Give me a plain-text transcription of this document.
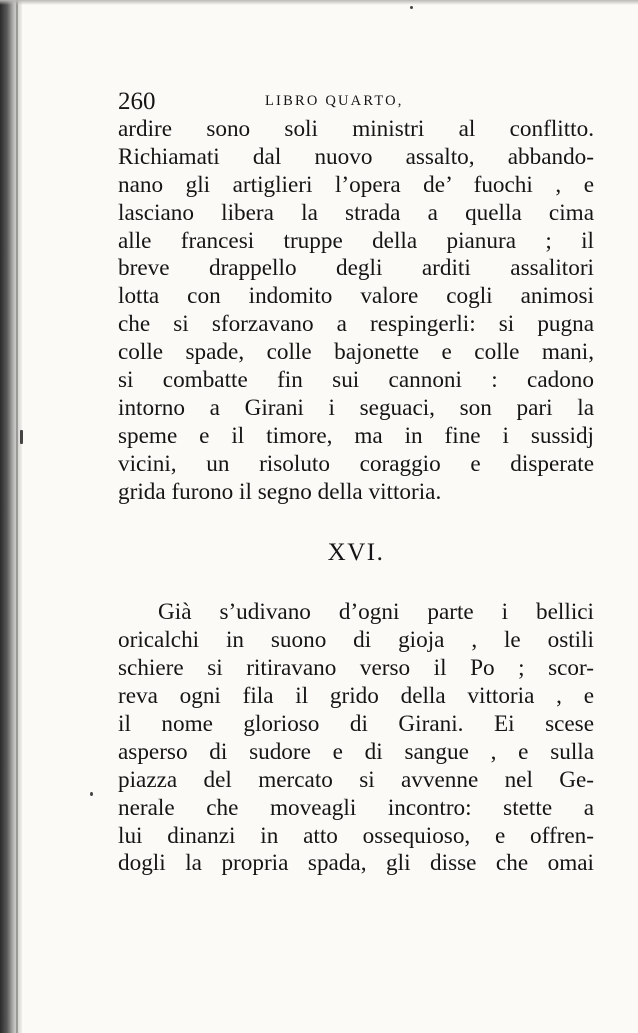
260	LIBRO QUARTO,
ardire sono soli ministri al conflitto.
Richiamati dal nuovo assalto, abbando-
nano gli artiglieri l’opera de’ fuochi , e
lasciano libera la strada a quella cima
alle francesi truppe della pianura ; il
breve drappello degli arditi assalitori
lotta con indomito valore cogli animosi
che si sforzavano a respingerli: si pugna
colle spade, colle bajonette e colle mani,
si combatte fin sui cannoni : cadono
intorno a Girani i seguaci, son pari la
speme e il timore, ma in fine i sussidj
vicini, un risoluto coraggio e disperate
grida furono il segno della vittoria.
XVI.
Già s’udivano d’ogni parte i bellici
oricalchi in suono di gioja , le ostili
schiere si ritiravano verso il Po ; scor-
reva ogni fila il grido della vittoria , e
il nome glorioso di Girani. Ei scese
asperso di sudore e di sangue , e sulla
piazza del mercato si avvenne nel Ge-
nerale che moveagli incontro: stette a
lui dinanzi in atto ossequioso, e offren-
dogli la propria spada, gli disse che omai
